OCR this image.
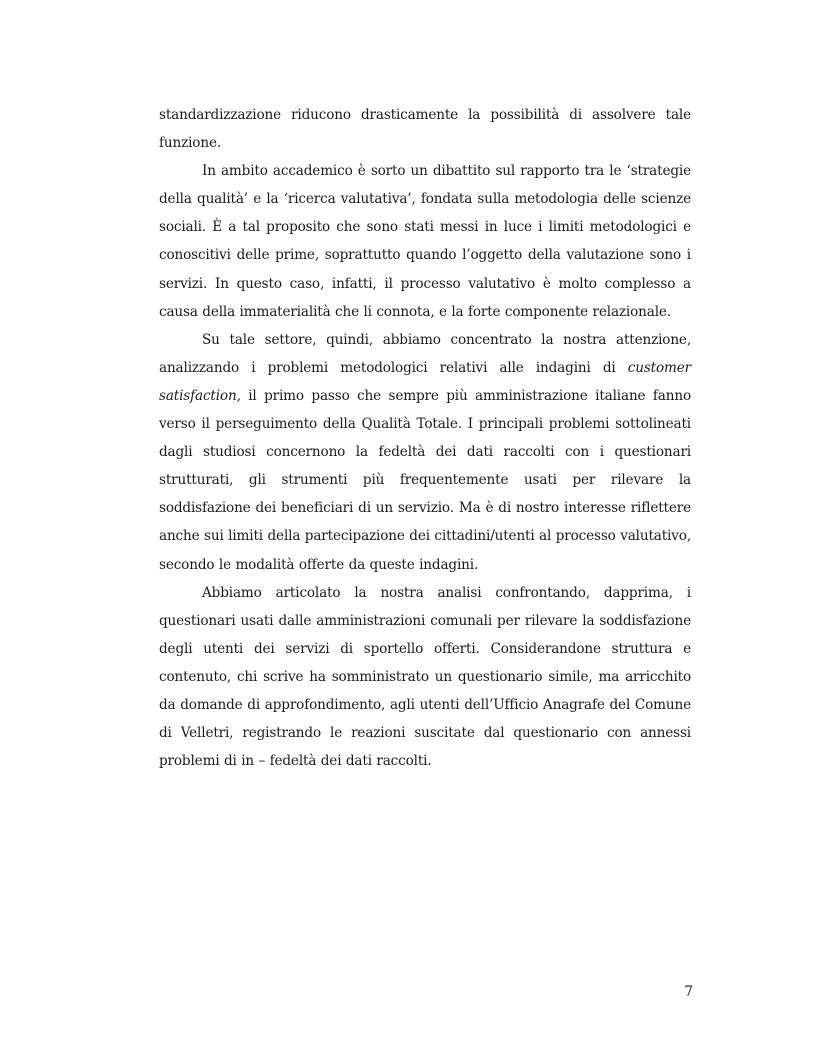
standardizzazione riducono drasticamente la possibilità di assolvere tale funzione.

In ambito accademico è sorto un dibattito sul rapporto tra le ‘strategie della qualità’ e la ‘ricerca valutativa’, fondata sulla metodologia delle scienze sociali. È a tal proposito che sono stati messi in luce i limiti metodologici e conoscitivi delle prime, soprattutto quando l’oggetto della valutazione sono i servizi. In questo caso, infatti, il processo valutativo è molto complesso a causa della immaterialità che li connota, e la forte componente relazionale.

Su tale settore, quindi, abbiamo concentrato la nostra attenzione, analizzando i problemi metodologici relativi alle indagini di customer satisfaction, il primo passo che sempre più amministrazione italiane fanno verso il perseguimento della Qualità Totale. I principali problemi sottolineati dagli studiosi concernono la fedeltà dei dati raccolti con i questionari strutturati, gli strumenti più frequentemente usati per rilevare la soddisfazione dei beneficiari di un servizio. Ma è di nostro interesse riflettere anche sui limiti della partecipazione dei cittadini/utenti al processo valutativo, secondo le modalità offerte da queste indagini.

Abbiamo articolato la nostra analisi confrontando, dapprima, i questionari usati dalle amministrazioni comunali per rilevare la soddisfazione degli utenti dei servizi di sportello offerti. Considerandone struttura e contenuto, chi scrive ha somministrato un questionario simile, ma arricchito da domande di approfondimento, agli utenti dell’Ufficio Anagrafe del Comune di Velletri, registrando le reazioni suscitate dal questionario con annessi problemi di in – fedeltà dei dati raccolti.

7
